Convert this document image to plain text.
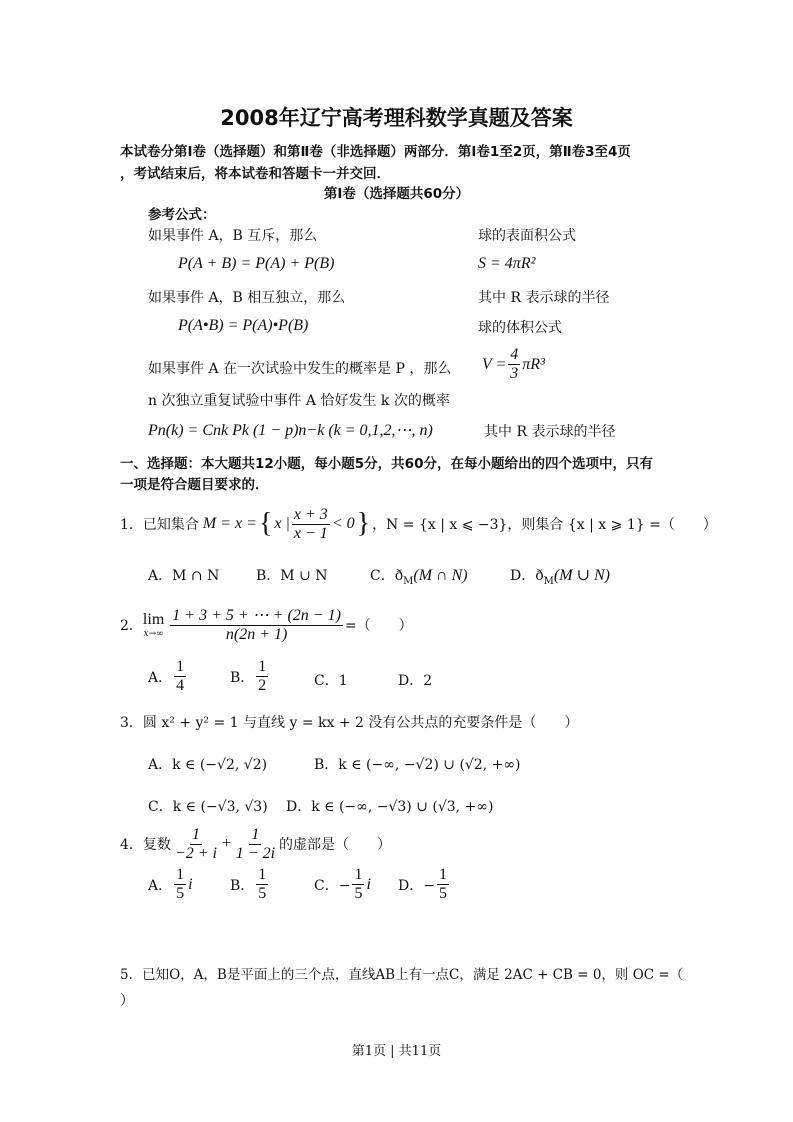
2008年辽宁高考理科数学真题及答案
本试卷分第Ⅰ卷（选择题）和第Ⅱ卷（非选择题）两部分．第Ⅰ卷1至2页，第Ⅱ卷3至4页
，考试结束后，将本试卷和答题卡一并交回．
第Ⅰ卷（选择题共60分）
参考公式：
如果事件 A，B 互斥，那么
P(A + B) = P(A) + P(B)
如果事件 A，B 相互独立，那么
P(A•B) = P(A)•P(B)
如果事件 A 在一次试验中发生的概率是 P ，那么
n 次独立重复试验中事件 A 恰好发生 k 次的概率
Pn(k) = Cnk Pk (1 − p)n−k (k = 0,1,2,⋯, n)
球的表面积公式
S = 4πR²
其中 R 表示球的半径
球的体积公式
$V = \frac{4}{3} \pi R^3$
其中 R 表示球的半径
一、选择题：本大题共12小题，每小题5分，共60分，在每小题给出的四个选项中，只有
一项是符合题目要求的．
1．已知集合 M = x = { x | $\frac{x + 3}{x - 1} < 0$ } ，N = {x | x ⩽ −3}，则集合 {x | x ⩾ 1} =（　　）
A．M ∩ N	B．M ∪ N	C．$ð_M(M$ ∩ N)	D．$ð_M(M$ ∪ N)
2． lim
$x\to\infty \frac{1 + 3 + 5 + \cdots + (2n - 1)}{n(2n + 1)}$ =（　　）
A． $\frac{1}{4}$	B． $\frac{1}{2}$	C．1	D．2
3．圆 x² + y² = 1 与直线 y = kx + 2 没有公共点的充要条件是（　　）
A．k ∈ (−√2, √2)	B．k ∈ (−∞, −√2) ∪ (√2, +∞)
C．k ∈ (−√3, √3) D．k ∈ (−∞, −√3) ∪ (√3, +∞)
4．复数 $\frac{1}{-2 + i} + \frac{1}{1 - 2i}$ 的虚部是（　　）
A． $\frac{1}{5}$ i	B． $\frac{1}{5}$	C．− $\frac{1}{5}$ i D．− $\frac{1}{5}$
5．已知O，A，B是平面上的三个点，直线AB上有一点C，满足 2AC + CB = 0，则 OC =（
）
第1页 | 共11页
